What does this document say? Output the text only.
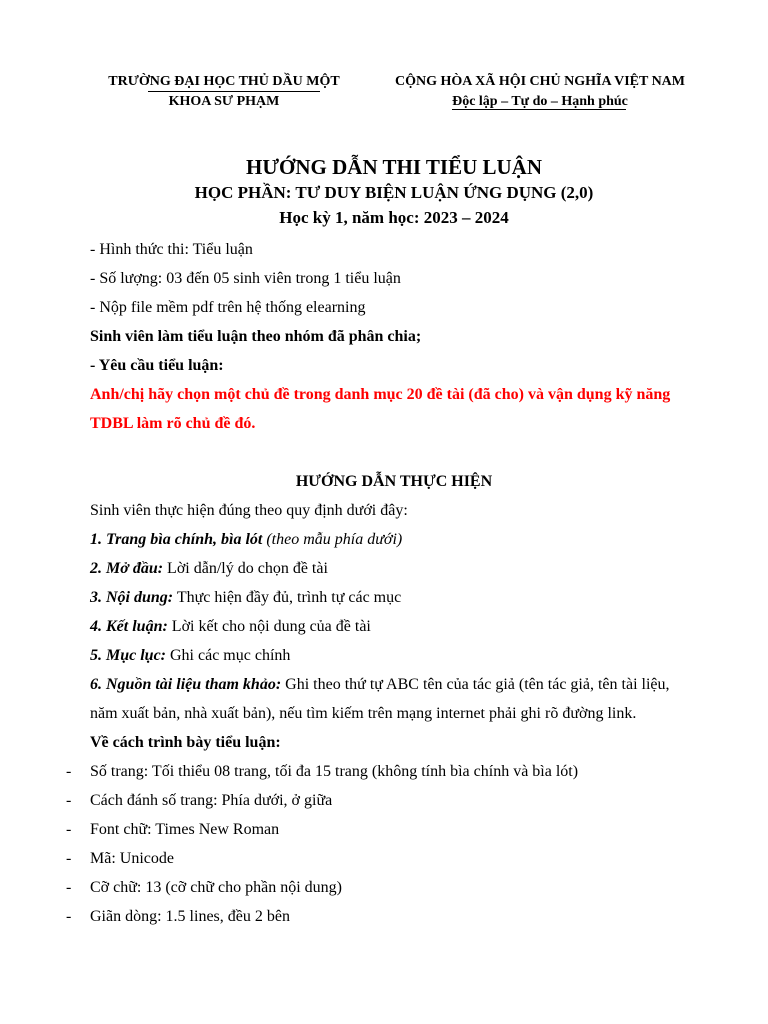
TRƯỜNG ĐẠI HỌC THỦ DẦU MỘT
KHOA SƯ PHẠM
CỘNG HÒA XÃ HỘI CHỦ NGHĨA VIỆT NAM
Độc lập – Tự do – Hạnh phúc
HƯỚNG DẪN THI TIỂU LUẬN
HỌC PHẦN: TƯ DUY BIỆN LUẬN ỨNG DỤNG (2,0)
Học kỳ 1, năm học: 2023 – 2024
- Hình thức thi: Tiểu luận
- Số lượng: 03 đến 05 sinh viên trong 1 tiểu luận
- Nộp file mềm pdf trên hệ thống elearning
Sinh viên làm tiểu luận theo nhóm đã phân chia;
- Yêu cầu tiểu luận:
Anh/chị hãy chọn một chủ đề trong danh mục 20 đề tài (đã cho) và vận dụng kỹ năng
TDBL làm rõ chủ đề đó.
HƯỚNG DẪN THỰC HIỆN
Sinh viên thực hiện đúng theo quy định dưới đây:
1. Trang bìa chính, bìa lót (theo mẫu phía dưới)
2. Mở đầu: Lời dẫn/lý do chọn đề tài
3. Nội dung: Thực hiện đầy đủ, trình tự các mục
4. Kết luận: Lời kết cho nội dung của đề tài
5. Mục lục: Ghi các mục chính
6. Nguồn tài liệu tham khảo: Ghi theo thứ tự ABC tên của tác giả (tên tác giả, tên tài liệu,
năm xuất bản, nhà xuất bản), nếu tìm kiếm trên mạng internet phải ghi rõ đường link.
Về cách trình bày tiểu luận:
- Số trang: Tối thiểu 08 trang, tối đa 15 trang (không tính bìa chính và bìa lót)
- Cách đánh số trang: Phía dưới, ở giữa
- Font chữ: Times New Roman
- Mã: Unicode
- Cỡ chữ: 13 (cỡ chữ cho phần nội dung)
- Giãn dòng: 1.5 lines, đều 2 bên
